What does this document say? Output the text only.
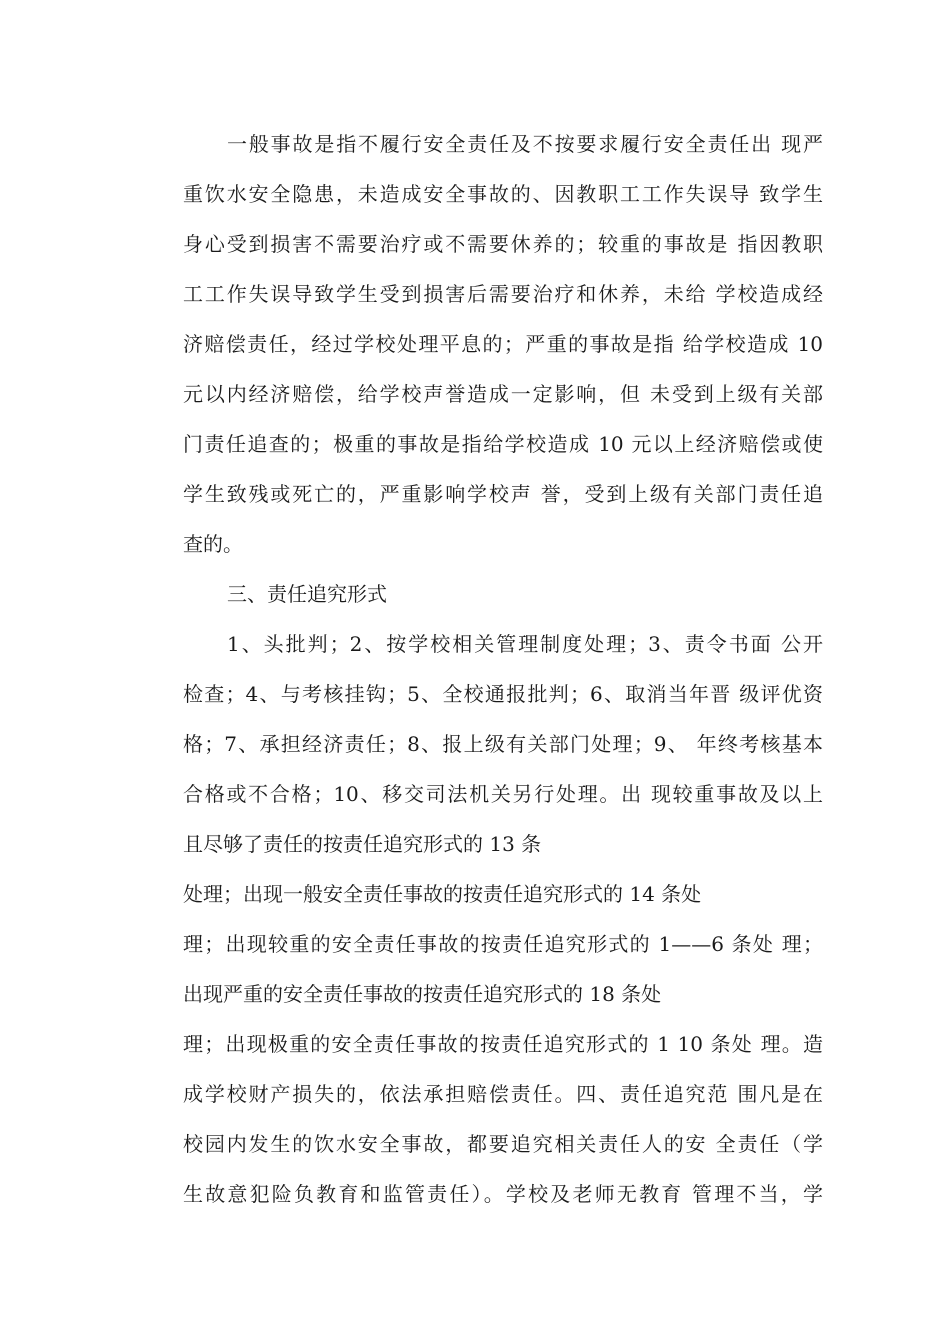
一般事故是指不履行安全责任及不按要求履行安全责任出 现严
重饮水安全隐患，未造成安全事故的、因教职工工作失误导 致学生
身心受到损害不需要治疗或不需要休养的；较重的事故是 指因教职
工工作失误导致学生受到损害后需要治疗和休养，未给 学校造成经
济赔偿责任，经过学校处理平息的；严重的事故是指 给学校造成 10
元以内经济赔偿，给学校声誉造成一定影响，但 未受到上级有关部
门责任追查的；极重的事故是指给学校造成 10 元以上经济赔偿或使
学生致残或死亡的，严重影响学校声 誉，受到上级有关部门责任追
查的。
三、责任追究形式
1、头批判；2、按学校相关管理制度处理；3、责令书面 公开
检查；4、与考核挂钩；5、全校通报批判；6、取消当年晋 级评优资
格；7、承担经济责任；8、报上级有关部门处理；9、 年终考核基本
合格或不合格；10、移交司法机关另行处理。出 现较重事故及以上
且尽够了责任的按责任追究形式的 13 条
处理；出现一般安全责任事故的按责任追究形式的 14 条处
理；出现较重的安全责任事故的按责任追究形式的 1——6 条处 理；
出现严重的安全责任事故的按责任追究形式的 18 条处
理；出现极重的安全责任事故的按责任追究形式的 1 10 条处 理。造
成学校财产损失的，依法承担赔偿责任。四、责任追究范 围凡是在
校园内发生的饮水安全事故，都要追究相关责任人的安 全责任（学
生故意犯险负教育和监管责任）。学校及老师无教育 管理不当，学
